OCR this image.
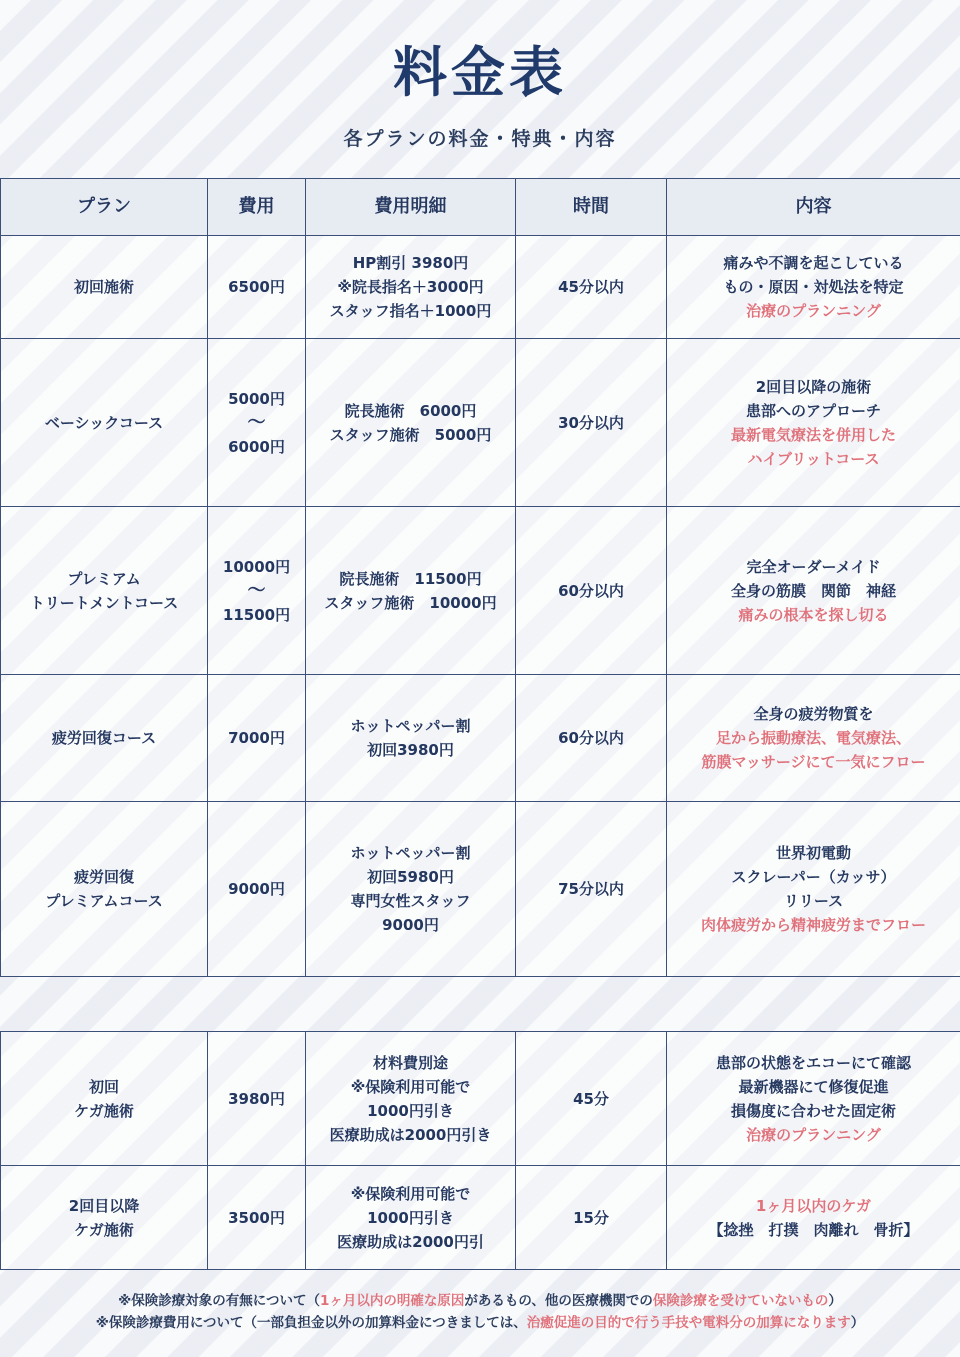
料金表
各プランの料金・特典・内容
プラン	費用	費用明細	時間	内容

初回施術	6500円	HP割引 3980円
※院長指名＋3000円
スタッフ指名＋1000円	45分以内	痛みや不調を起こしている
もの・原因・対処法を特定
治療のプランニング

ベーシックコース	5000円
〜
6000円	院長施術　6000円
スタッフ施術　5000円	30分以内	2回目以降の施術
患部へのアプローチ
最新電気療法を併用した
ハイブリットコース

プレミアム
トリートメントコース	10000円
〜
11500円	院長施術　11500円
スタッフ施術　10000円	60分以内	完全オーダーメイド
全身の筋膜　関節　神経
痛みの根本を探し切る

疲労回復コース	7000円	ホットペッパー割
初回3980円	60分以内	全身の疲労物質を
足から振動療法、電気療法、
筋膜マッサージにて一気にフロー

疲労回復
プレミアムコース	9000円	ホットペッパー割
初回5980円
専門女性スタッフ
9000円	75分以内	世界初電動
スクレーパー（カッサ）
リリース
肉体疲労から精神疲労までフロー

初回
ケガ施術	3980円	材料費別途
※保険利用可能で
1000円引き
医療助成は2000円引き	45分	患部の状態をエコーにて確認
最新機器にて修復促進
損傷度に合わせた固定術
治療のプランニング

2回目以降
ケガ施術	3500円	※保険利用可能で
1000円引き
医療助成は2000円引	15分	1ヶ月以内のケガ
【捻挫　打撲　肉離れ　骨折】
※保険診療対象の有無について（1ヶ月以内の明確な原因があるもの、他の医療機関での保険診療を受けていないもの）
※保険診療費用について（一部負担金以外の加算料金につきましては、治癒促進の目的で行う手技や電料分の加算になります）
